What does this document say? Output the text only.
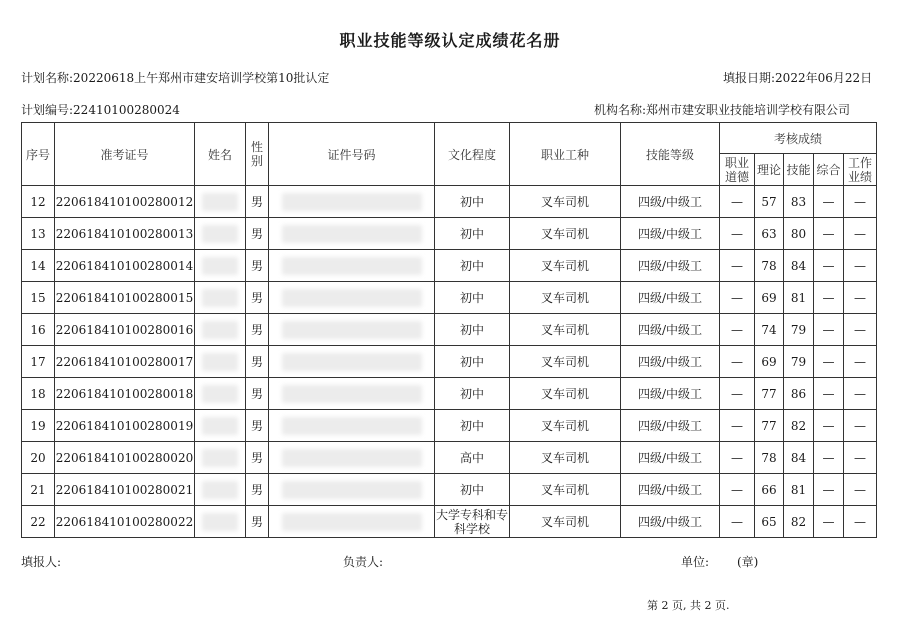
职业技能等级认定成绩花名册
计划名称:20220618上午郑州市建安培训学校第10批认定	填报日期:2022年06月22日
计划编号:22410100280024	机构名称:郑州市建安职业技能培训学校有限公司
序号	准考证号	姓名	性别	证件号码	文化程度	职业工种	技能等级	考核成绩				
								职业道德	理论	技能	综合	工作业绩
12	220618410100280012		男		初中	叉车司机	四级/中级工	—	57	83	—	—
13	220618410100280013		男		初中	叉车司机	四级/中级工	—	63	80	—	—
14	220618410100280014		男		初中	叉车司机	四级/中级工	—	78	84	—	—
15	220618410100280015		男		初中	叉车司机	四级/中级工	—	69	81	—	—
16	220618410100280016		男		初中	叉车司机	四级/中级工	—	74	79	—	—
17	220618410100280017		男		初中	叉车司机	四级/中级工	—	69	79	—	—
18	220618410100280018		男		初中	叉车司机	四级/中级工	—	77	86	—	—
19	220618410100280019		男		初中	叉车司机	四级/中级工	—	77	82	—	—
20	220618410100280020		男		高中	叉车司机	四级/中级工	—	78	84	—	—
21	220618410100280021		男		初中	叉车司机	四级/中级工	—	66	81	—	—
22	220618410100280022		男		大学专科和专科学校	叉车司机	四级/中级工	—	65	82	—	—
填报人:	负责人:	单位: (章)
第 2 页, 共 2 页.
